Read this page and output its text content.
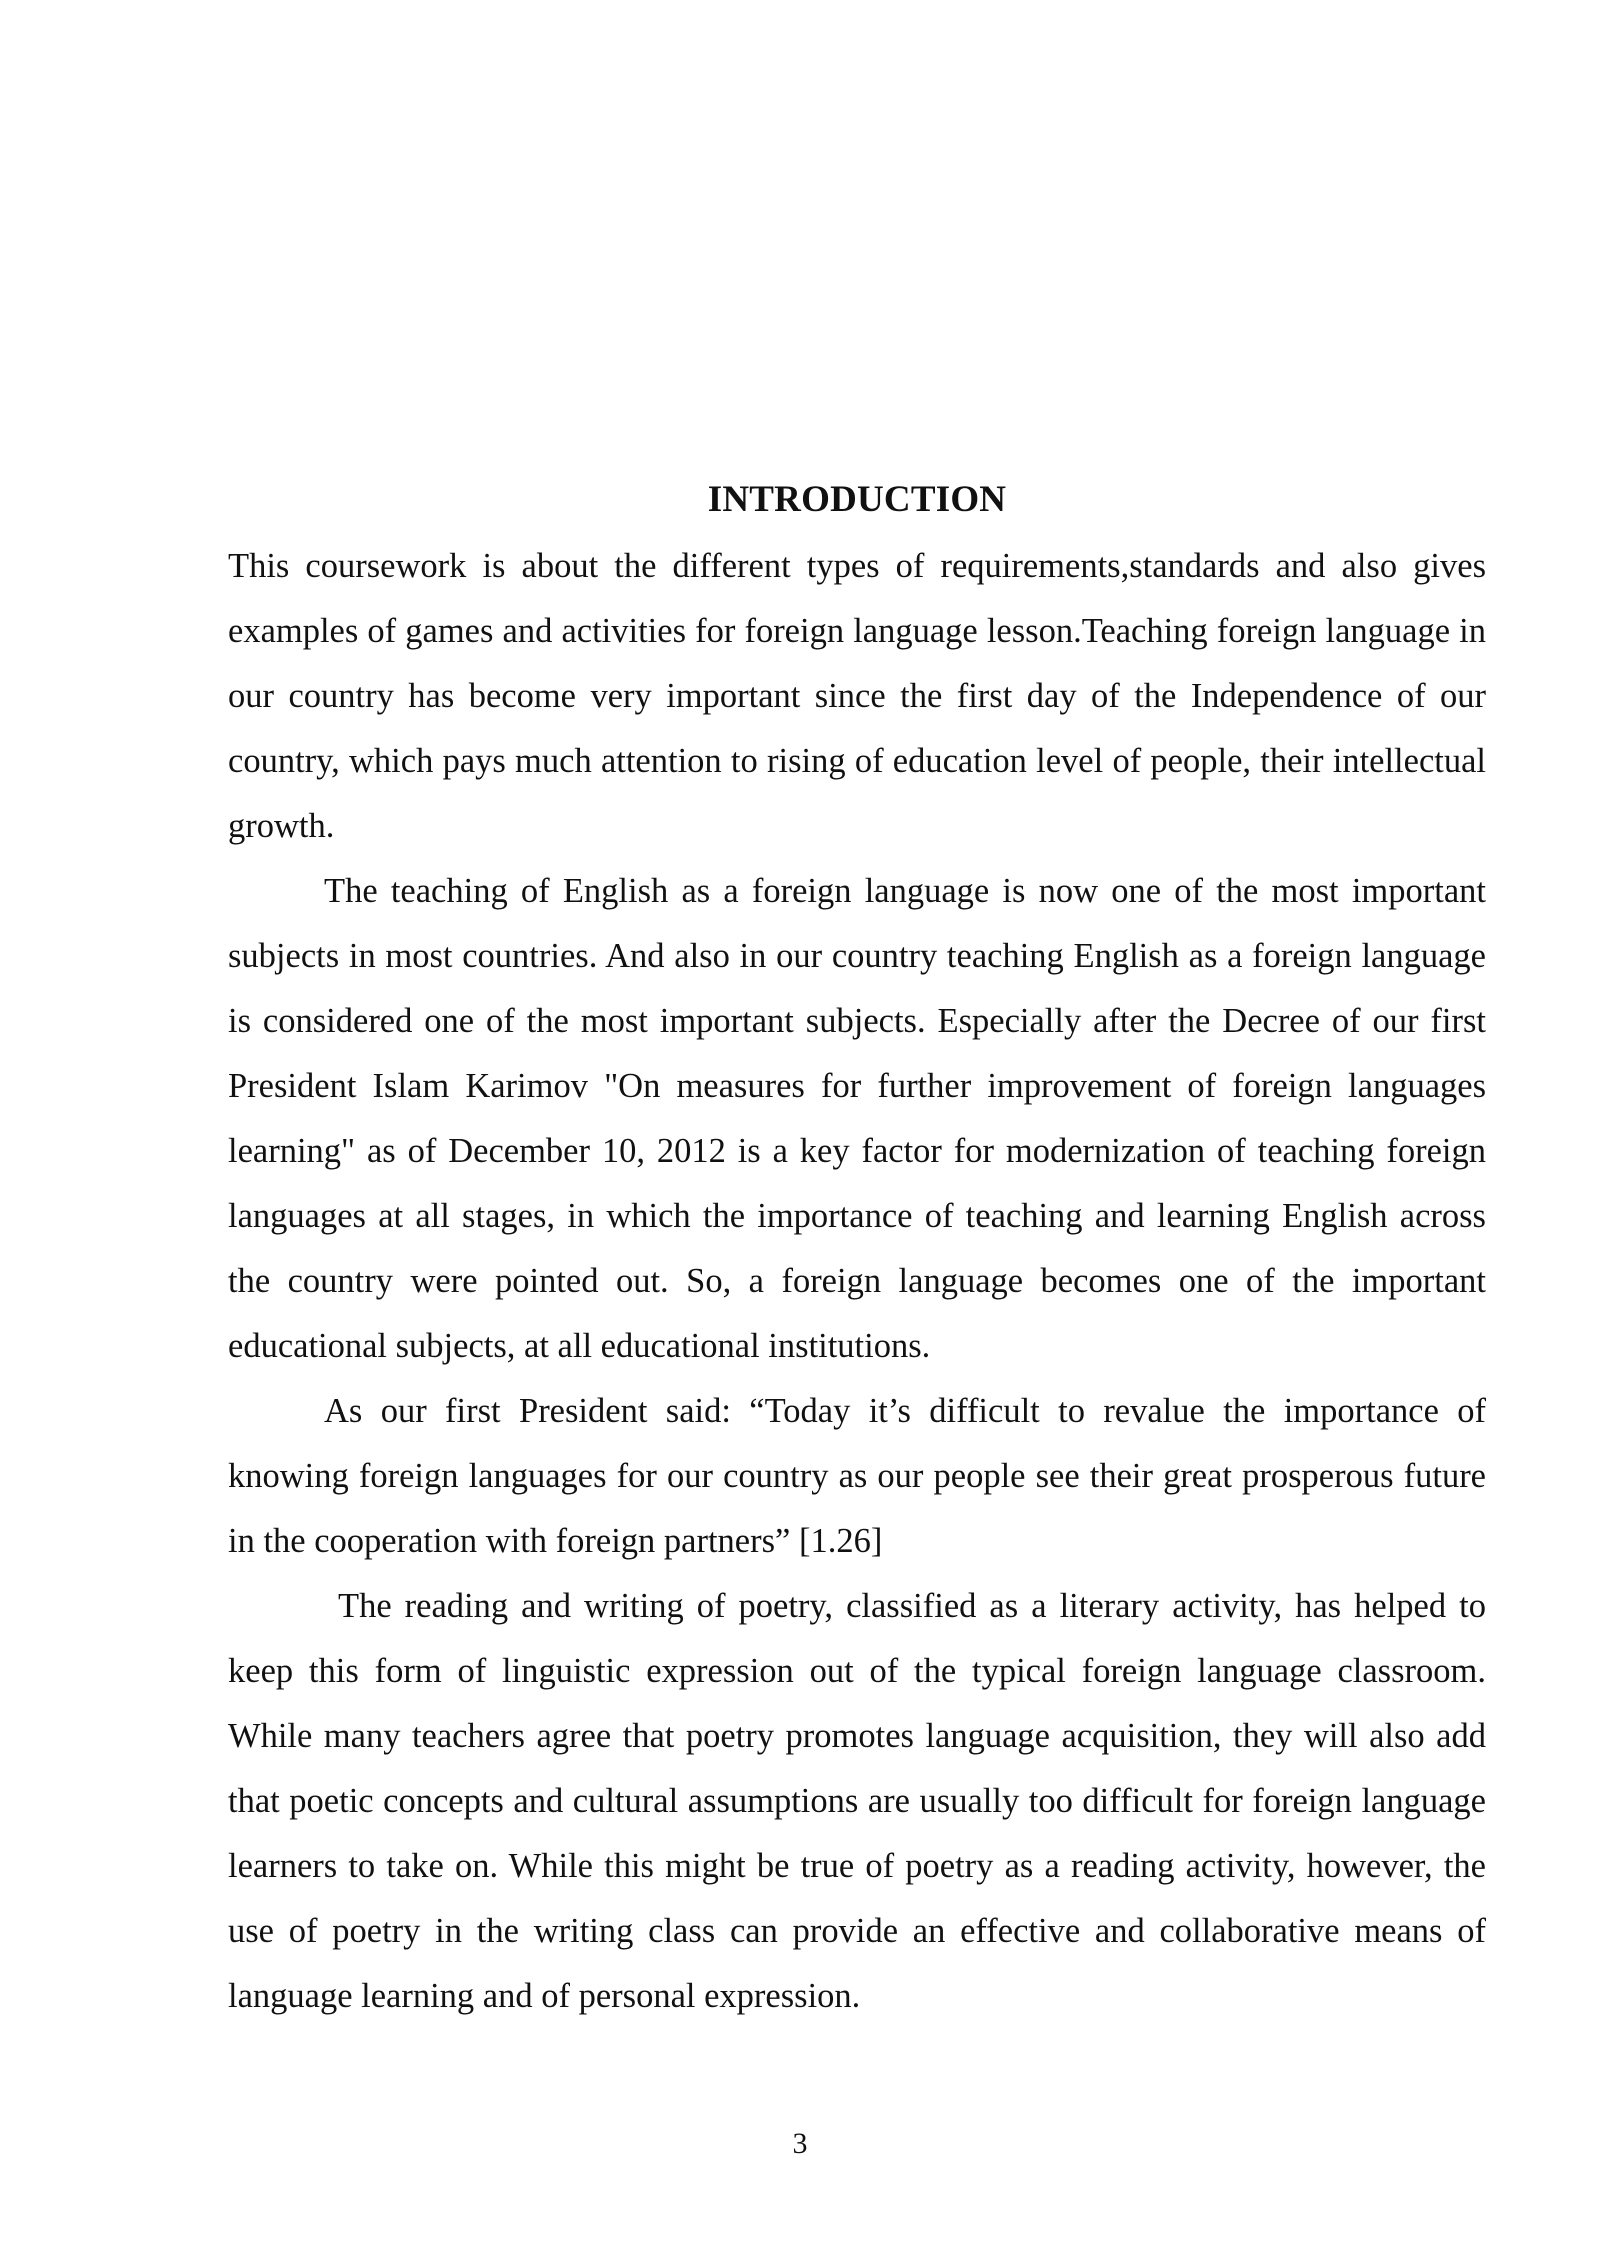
INTRODUCTION

This coursework is about the different types of requirements,standards and also gives examples of games and activities for foreign language lesson.Teaching foreign language in our country has become very important since the first day of the Independence of our country, which pays much attention to rising of education level of people, their intellectual growth.

The teaching of English as a foreign language is now one of the most important subjects in most countries. And also in our country teaching English as a foreign language is considered one of the most important subjects. Especially after the Decree of our first President Islam Karimov "On measures for further improvement of foreign languages learning" as of December 10, 2012 is a key factor for modernization of teaching foreign languages at all stages, in which the importance of teaching and learning English across the country were pointed out. So, a foreign language becomes one of the important educational subjects, at all educational institutions.

As our first President said: “Today it’s difficult to revalue the importance of knowing foreign languages for our country as our people see their great prosperous future in the cooperation with foreign partners” [1.26]

The reading and writing of poetry, classified as a literary activity, has helped to keep this form of linguistic expression out of the typical foreign language classroom. While many teachers agree that poetry promotes language acquisition, they will also add that poetic concepts and cultural assumptions are usually too difficult for foreign language learners to take on. While this might be true of poetry as a reading activity, however, the use of poetry in the writing class can provide an effective and collaborative means of language learning and of personal expression.

3
